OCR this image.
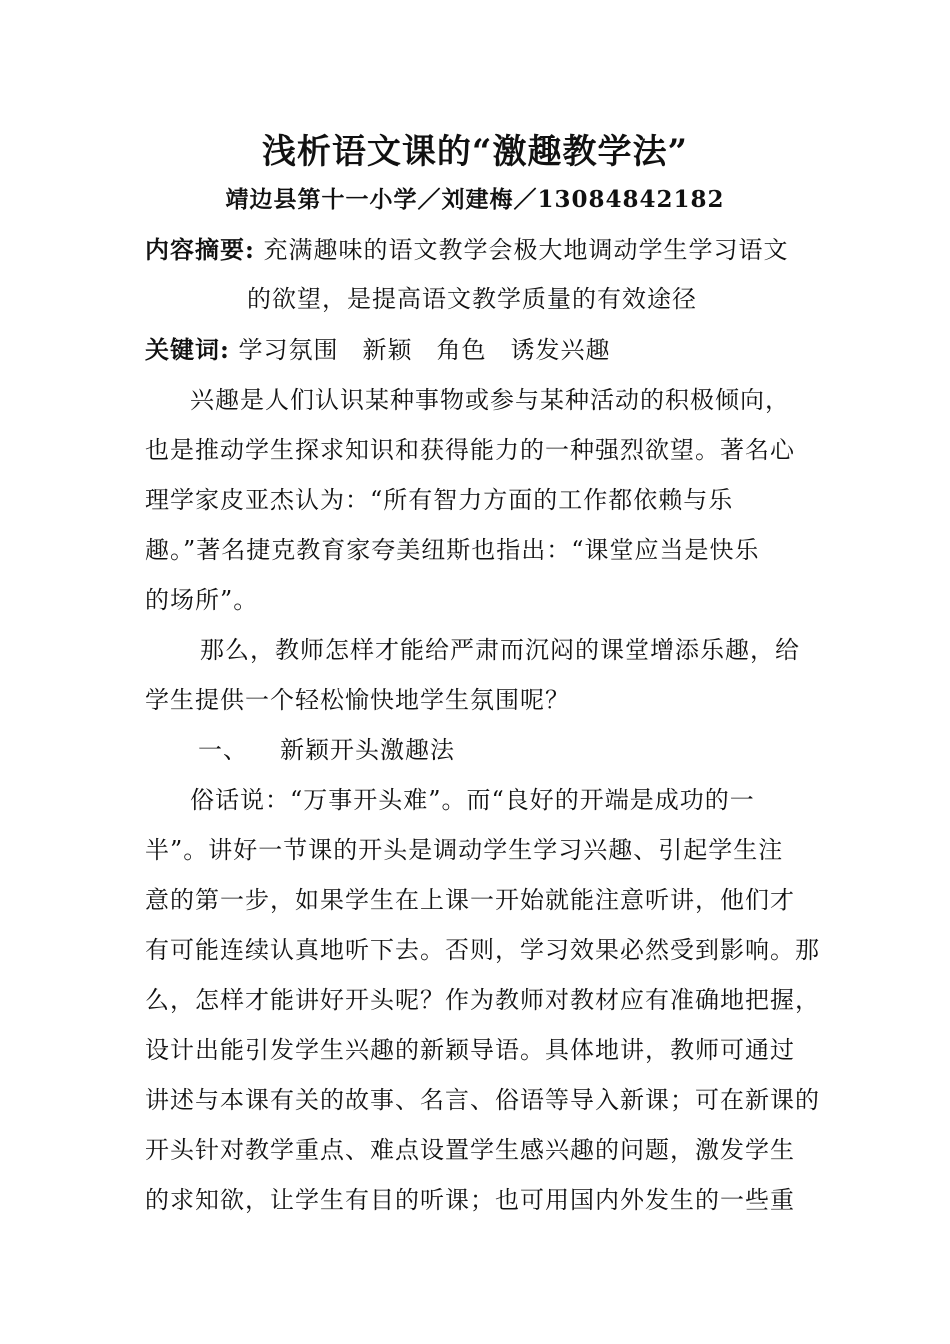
浅析语文课的“激趣教学法”
靖边县第十一小学／刘建梅／13084842182
内容摘要: 充满趣味的语文教学会极大地调动学生学习语文
的欲望，是提高语文教学质量的有效途径
关键词: 学习氛围 新颖 角色 诱发兴趣
兴趣是人们认识某种事物或参与某种活动的积极倾向，
也是推动学生探求知识和获得能力的一种强烈欲望。著名心
理学家皮亚杰认为：“所有智力方面的工作都依赖与乐
趣。”著名捷克教育家夸美纽斯也指出：“课堂应当是快乐
的场所”。
那么，教师怎样才能给严肃而沉闷的课堂增添乐趣，给
学生提供一个轻松愉快地学生氛围呢？
一、 新颖开头激趣法
俗话说：“万事开头难”。而“良好的开端是成功的一
半”。讲好一节课的开头是调动学生学习兴趣、引起学生注
意的第一步，如果学生在上课一开始就能注意听讲，他们才
有可能连续认真地听下去。否则，学习效果必然受到影响。那
么，怎样才能讲好开头呢？作为教师对教材应有准确地把握，
设计出能引发学生兴趣的新颖导语。具体地讲，教师可通过
讲述与本课有关的故事、名言、俗语等导入新课；可在新课的
开头针对教学重点、难点设置学生感兴趣的问题，激发学生
的求知欲，让学生有目的听课；也可用国内外发生的一些重
